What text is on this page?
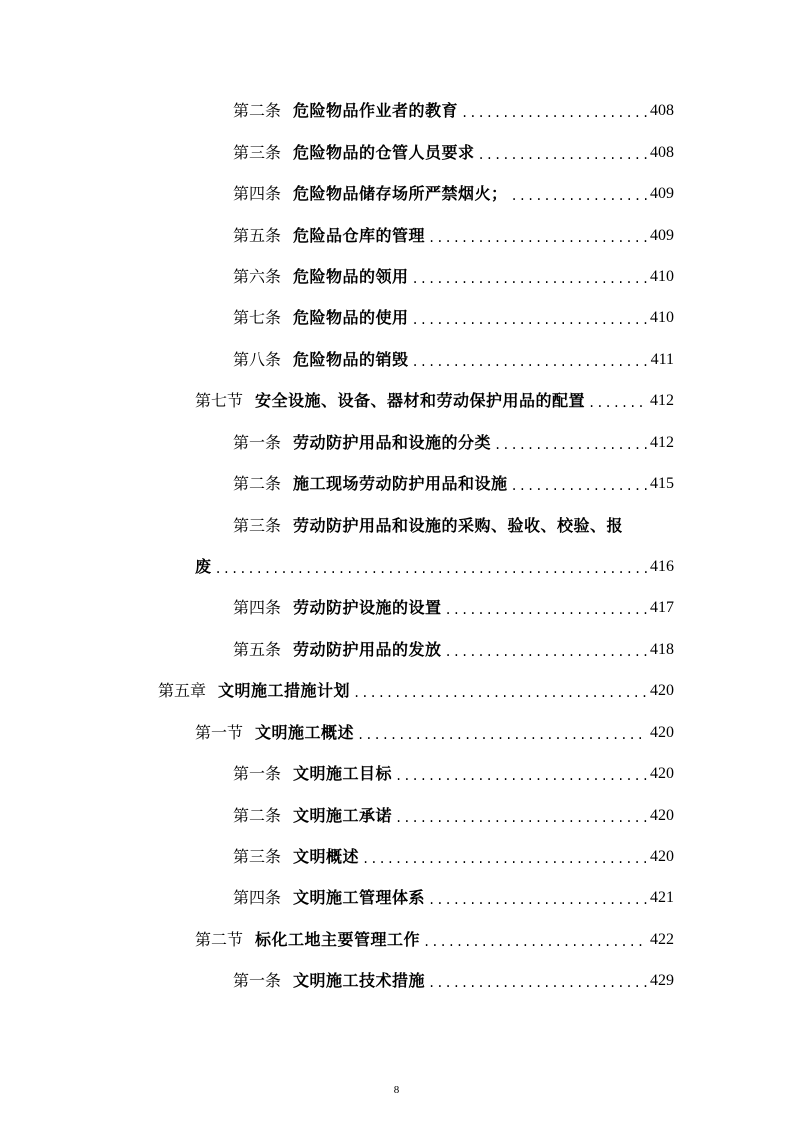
第二条 危险物品作业者的教育 .....	408
第三条 危险物品的仓管人员要求 .....	408
第四条 危险物品储存场所严禁烟火； .....	409
第五条 危险品仓库的管理 .....	409
第六条 危险物品的领用 .....	410
第七条 危险物品的使用 .....	410
第八条 危险物品的销毁 .....	411
第七节 安全设施、设备、器材和劳动保护用品的配置 .....	412
第一条 劳动防护用品和设施的分类 .....	412
第二条 施工现场劳动防护用品和设施 .....	415
第三条 劳动防护用品和设施的采购、验收、校验、报
废 .....	416
第四条 劳动防护设施的设置 .....	417
第五条 劳动防护用品的发放 .....	418
第五章 文明施工措施计划 .....	420
第一节 文明施工概述 .....	420
第一条 文明施工目标 .....	420
第二条 文明施工承诺 .....	420
第三条 文明概述 .....	420
第四条 文明施工管理体系 .....	421
第二节 标化工地主要管理工作 .....	422
第一条 文明施工技术措施 .....	429
8
